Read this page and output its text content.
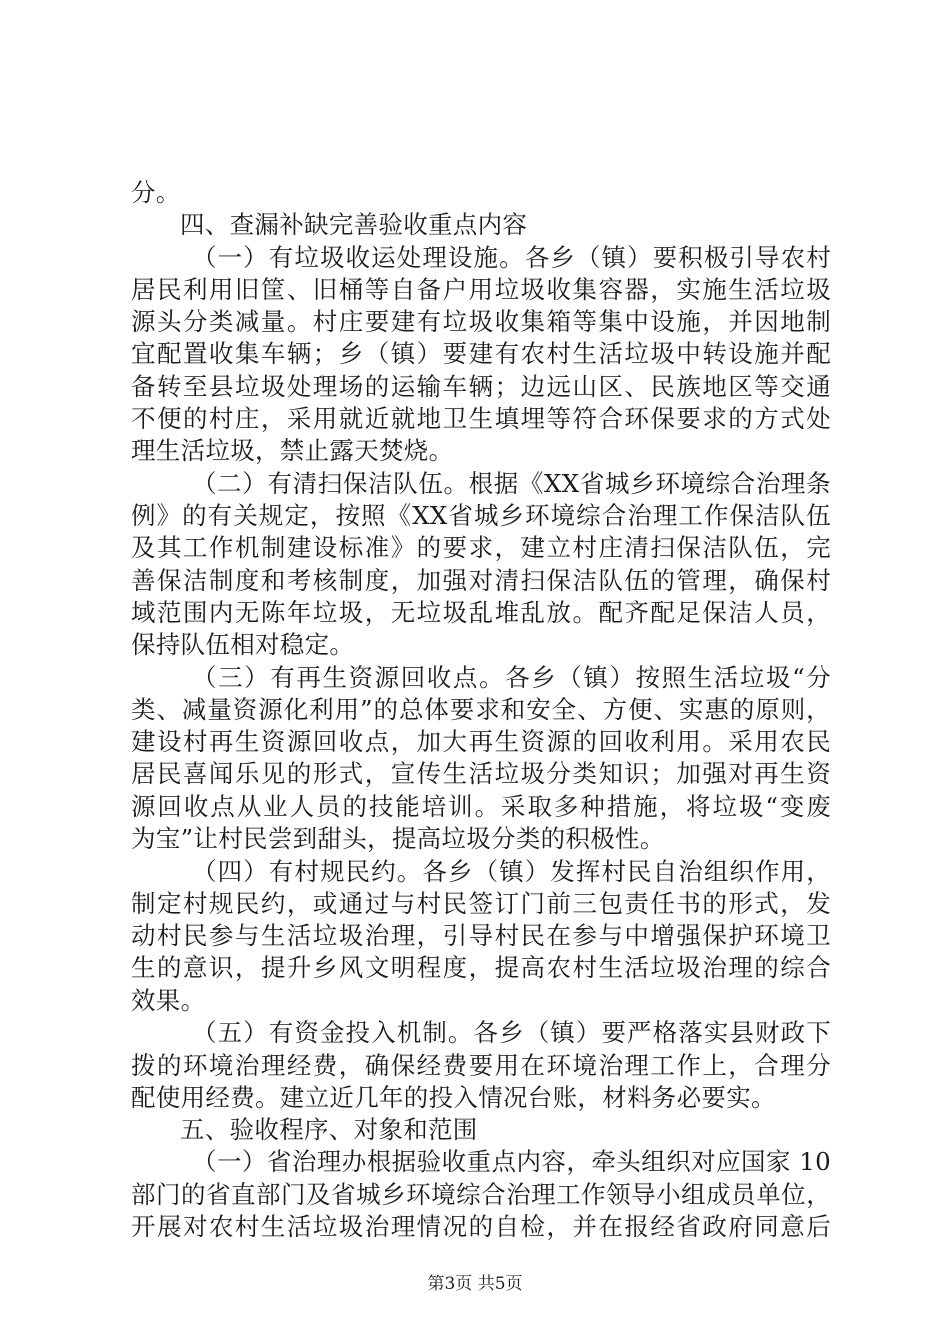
分。
四、查漏补缺完善验收重点内容
（一）有垃圾收运处理设施。各乡（镇）要积极引导农村
居民利用旧筐、旧桶等自备户用垃圾收集容器，实施生活垃圾
源头分类减量。村庄要建有垃圾收集箱等集中设施，并因地制
宜配置收集车辆；乡（镇）要建有农村生活垃圾中转设施并配
备转至县垃圾处理场的运输车辆；边远山区、民族地区等交通
不便的村庄，采用就近就地卫生填埋等符合环保要求的方式处
理生活垃圾，禁止露天焚烧。
（二）有清扫保洁队伍。根据《XX省城乡环境综合治理条
例》的有关规定，按照《XX省城乡环境综合治理工作保洁队伍
及其工作机制建设标准》的要求，建立村庄清扫保洁队伍，完
善保洁制度和考核制度，加强对清扫保洁队伍的管理，确保村
域范围内无陈年垃圾，无垃圾乱堆乱放。配齐配足保洁人员，
保持队伍相对稳定。
（三）有再生资源回收点。各乡（镇）按照生活垃圾“分
类、减量资源化利用”的总体要求和安全、方便、实惠的原则，
建设村再生资源回收点，加大再生资源的回收利用。采用农民
居民喜闻乐见的形式，宣传生活垃圾分类知识；加强对再生资
源回收点从业人员的技能培训。采取多种措施，将垃圾“变废
为宝”让村民尝到甜头，提高垃圾分类的积极性。
（四）有村规民约。各乡（镇）发挥村民自治组织作用，
制定村规民约，或通过与村民签订门前三包责任书的形式，发
动村民参与生活垃圾治理，引导村民在参与中增强保护环境卫
生的意识，提升乡风文明程度，提高农村生活垃圾治理的综合
效果。
（五）有资金投入机制。各乡（镇）要严格落实县财政下
拨的环境治理经费，确保经费要用在环境治理工作上，合理分
配使用经费。建立近几年的投入情况台账，材料务必要实。
五、验收程序、对象和范围
（一）省治理办根据验收重点内容，牵头组织对应国家 10
部门的省直部门及省城乡环境综合治理工作领导小组成员单位，
开展对农村生活垃圾治理情况的自检，并在报经省政府同意后
第3页 共5页
